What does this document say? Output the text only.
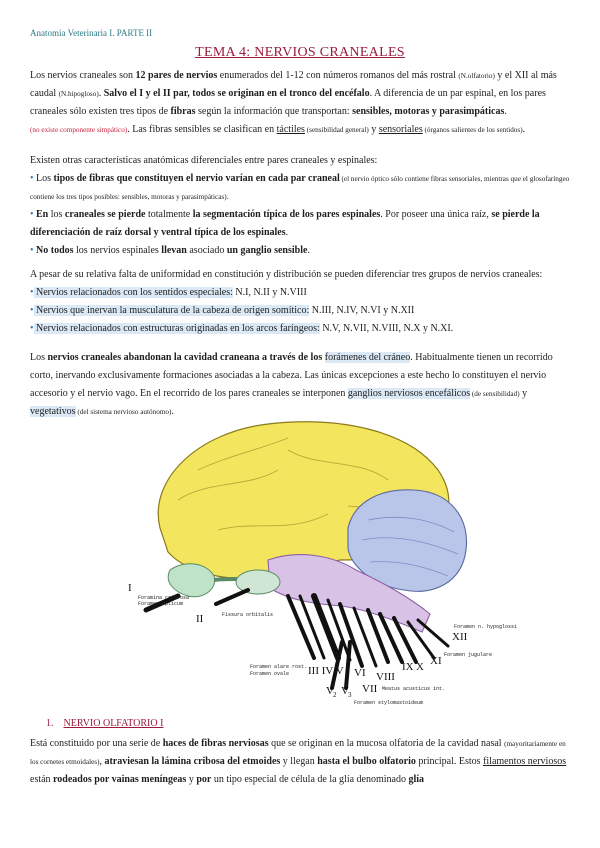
Anatomía Veterinaria I. PARTE II
TEMA 4: NERVIOS CRANEALES
Los nervios craneales son 12 pares de nervios enumerados del 1-12 con números romanos del más rostral (N.olfatorio) y el XII al más caudal (N.hipogloso). Salvo el I y el II par, todos se originan en el tronco del encéfalo. A diferencia de un par espinal, en los pares craneales sólo existen tres tipos de fibras según la información que transportan: sensibles, motoras y parasimpáticas.
(no existe componente simpático). Las fibras sensibles se clasifican en táctiles (sensibilidad general) y sensoriales (órganos salientes de los sentidos).
Existen otras características anatómicas diferenciales entre pares craneales y espinales:
• Los tipos de fibras que constituyen el nervio varían en cada par craneal (el nervio óptico sólo contiene fibras sensoriales, mientras que el glosofaríngeo contiene los tres tipos posibles: sensibles, motoras y parasimpáticas).
• En los craneales se pierde totalmente la segmentación típica de los pares espinales. Por poseer una única raíz, se pierde la diferenciación de raíz dorsal y ventral típica de los espinales.
• No todos los nervios espinales llevan asociado un ganglio sensible.
A pesar de su relativa falta de uniformidad en constitución y distribución se pueden diferenciar tres grupos de nervios craneales:
• Nervios relacionados con los sentidos especiales: N.I, N.II y N.VIII
• Nervios que inervan la musculatura de la cabeza de origen somítico: N.III, N.IV, N.VI y N.XII
• Nervios relacionados con estructuras originadas en los arcos faríngeos: N.V, N.VII, N.VIII, N.X y N.XI.
Los nervios craneales abandonan la cavidad craneana a través de los forámenes del cráneo. Habitualmente tienen un recorrido corto, inervando exclusivamente formaciones asociadas a la cabeza. Las únicas excepciones a este hecho lo constituyen el nervio accesorio y el nervio vago. En el recorrido de los pares craneales se interponen ganglios nerviosos encefálicos (de sensibilidad) y vegetativos (del sistema nervioso autónomo).
I
II
III IV V	VIII
IX X XI
XII
VI
VII
V 2 V 3
Foramina cribrosa
Foramen opticum
Fissura orbitalis
Foramen alare rost.
Foramen ovale
Foramen n. hypoglossi
Foramen jugulare
Meatus acusticus int.
Foramen stylomastoideum
1. NERVIO OLFATORIO I
Está constituido por una serie de haces de fibras nerviosas que se originan en la mucosa olfatoria de la cavidad nasal (mayoritariamente en los cornetes etmoidales), atraviesan la lámina cribosa del etmoides y llegan hasta el bulbo olfatorio principal. Estos filamentos nerviosos están rodeados por vainas meníngeas y por un tipo especial de célula de la glía denominado glía
